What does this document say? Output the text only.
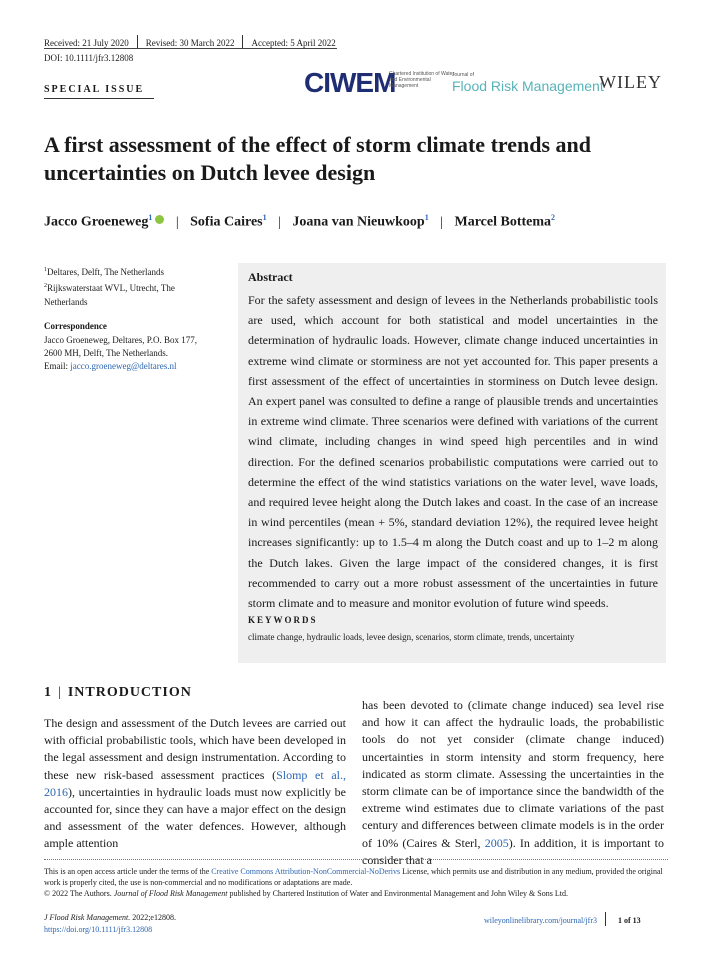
Received: 21 July 2020 Revised: 30 March 2022 Accepted: 5 April 2022
DOI: 10.1111/jfr3.12808
SPECIAL ISSUE	CIWEM
Chartered Institution of Water and Environmental Management
Journal of
Flood Risk Management
WILEY
A first assessment of the effect of storm climate trends and uncertainties on Dutch levee design
Jacco Groeneweg$^1$ | Sofia Caires$^1$ | Joana van Nieuwkoop$^1$ | Marcel Bottema$^2$
$^1$Deltares, Delft, The Netherlands
$^2$Rijkswaterstaat WVL, Utrecht, The Netherlands
Correspondence
Jacco Groeneweg, Deltares, P.O. Box 177, 2600 MH, Delft, The Netherlands.
Email: jacco.groeneweg@deltares.nl
Abstract
For the safety assessment and design of levees in the Netherlands probabilistic tools are used, which account for both statistical and model uncertainties in the determination of hydraulic loads. However, climate change induced uncertainties in extreme wind climate or storminess are not yet accounted for. This paper presents a first assessment of the effect of uncertainties in storminess on Dutch levee design. An expert panel was consulted to define a range of plausible trends and uncertainties in extreme wind climate. Three scenarios were defined with variations of the current wind climate, including changes in wind speed high percentiles and in wind direction. For the defined scenarios probabilistic computations were carried out to determine the effect of the wind statistics variations on the water level, wave loads, and required levee height along the Dutch lakes and coast. In the case of an increase in wind percentiles (mean + 5%, standard deviation 12%), the required levee height increases significantly: up to 1.5–4 m along the Dutch coast and up to 1–2 m along the Dutch lakes. Given the large impact of the considered changes, it is first recommended to carry out a more robust assessment of the uncertainties in future storm climate and to measure and monitor evolution of future wind speeds.
KEYWORDS
climate change, hydraulic loads, levee design, scenarios, storm climate, trends, uncertainty
1 | INTRODUCTION
The design and assessment of the Dutch levees are carried out with official probabilistic tools, which have been developed in the legal assessment and design instrumentation. According to these new risk-based assessment practices (Slomp et al., 2016), uncertainties in hydraulic loads must now explicitly be accounted for, since they can have a major effect on the design and assessment of the water defences. However, although ample attention
has been devoted to (climate change induced) sea level rise and how it can affect the hydraulic loads, the probabilistic tools do not yet consider (climate change induced) uncertainties in storm intensity and storm frequency, here indicated as storm climate. Assessing the uncertainties in the storm climate can be of importance since the bandwidth of the extreme wind estimates due to climate variations of the past century and differences between climate models is in the order of 10% (Caires & Sterl, 2005). In addition, it is important to consider that a
This is an open access article under the terms of the Creative Commons Attribution-NonCommercial-NoDerivs License, which permits use and distribution in any medium, provided the original work is properly cited, the use is non-commercial and no modifications or adaptations are made.
© 2022 The Authors. Journal of Flood Risk Management published by Chartered Institution of Water and Environmental Management and John Wiley & Sons Ltd.
J Flood Risk Management. 2022;e12808.
https://doi.org/10.1111/jfr3.12808
wileyonlinelibrary.com/journal/jfr3	1 of 13
